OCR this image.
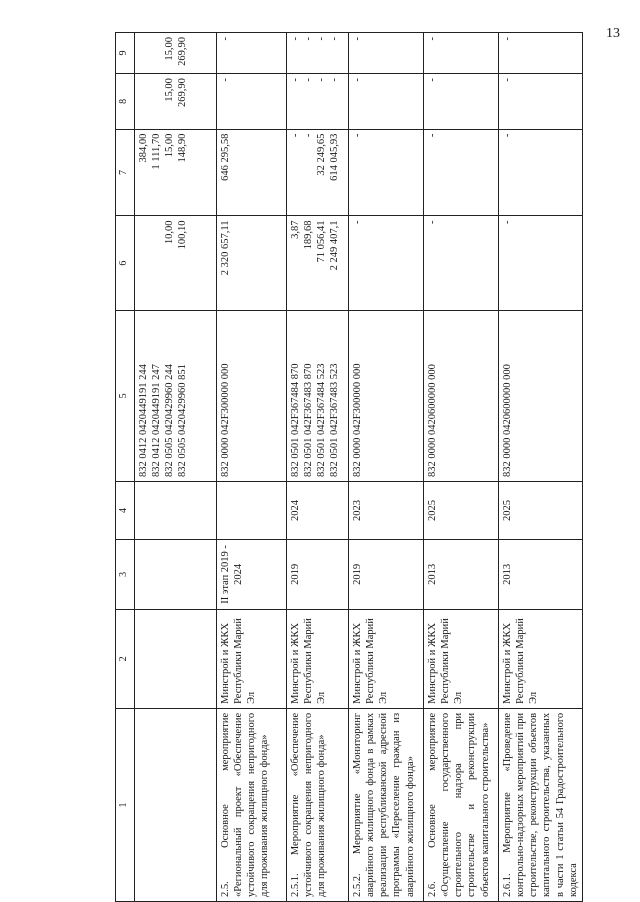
13
1	2	3	4	5	6	7	8	9

				832 0412 0420449191 244 832 0412 0420449191 247 832 0505 0420429960 244 832 0505 0420429960 851	10,00 100,10	384,00 1 111,70 15,00 148,90	15,00 269,90	15,00 269,90

2.5. Основное мероприятие «Региональный проект «Обеспечение устойчивого сокращения непригодного для проживания жилищного фонда»	Минстрой и ЖКХ Республики Марий Эл	II этап 2019 - 2024		832 0000 042F300000 000	2 320 657,11	646 295,58	-	-

2.5.1. Мероприятие «Обеспечение устойчивого сокращения непригодного для проживания жилищного фонда»	Минстрой и ЖКХ Республики Марий Эл	2019	2024	832 0501 042F367484 870 832 0501 042F367483 870 832 0501 042F367484 523 832 0501 042F367483 523	3,87 189,68 71 056,41 2 249 407,1	- - 32 249,65 614 045,93	- - - -	- - - -

2.5.2. Мероприятие «Мониторинг аварийного жилищного фонда в рамках реализации республиканской адресной программы «Переселение граждан из аварийного жилищного фонда»	Минстрой и ЖКХ Республики Марий Эл	2019	2023	832 0000 042F300000 000	-	-	-	-

2.6. Основное мероприятие «Осуществление государственного строительного надзора при строительстве и реконструкции объектов капитального строительства»	Минстрой и ЖКХ Республики Марий Эл	2013	2025	832 0000 0420600000 000	-	-	-	-

2.6.1. Мероприятие «Проведение контрольно-надзорных мероприятий при строительстве, реконструкции объектов капитального строительства, указанных в части 1 статьи 54 Градостроительного кодекса	Минстрой и ЖКХ Республики Марий Эл	2013	2025	832 0000 0420600000 000	-	-	-	-
